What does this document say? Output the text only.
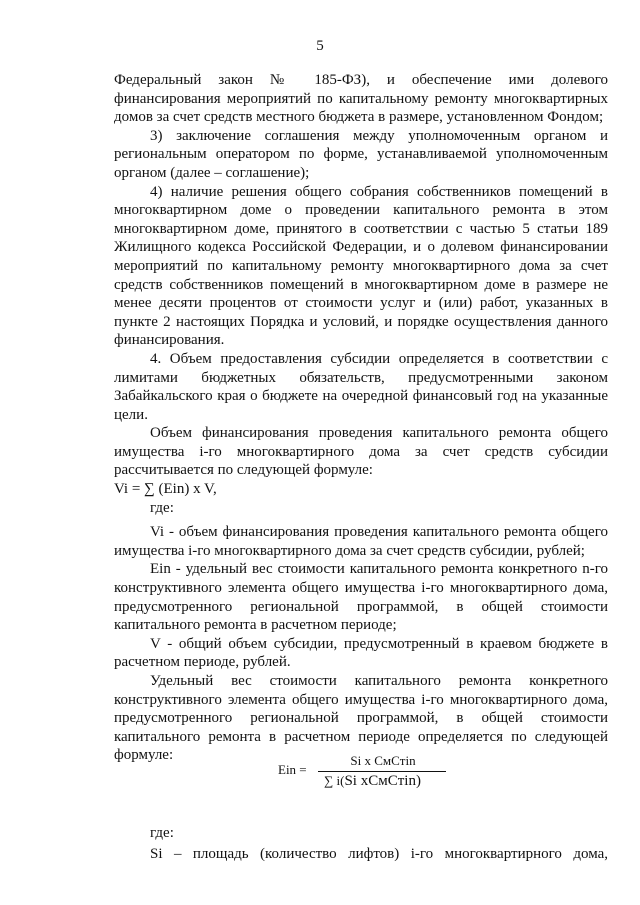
5

Федеральный закон № 185-ФЗ), и обеспечение ими долевого финансирования мероприятий по капитальному ремонту многоквартирных домов за счет средств местного бюджета в размере, установленном Фондом;

3) заключение соглашения между уполномоченным органом и региональным оператором по форме, устанавливаемой уполномоченным органом (далее – соглашение);

4) наличие решения общего собрания собственников помещений в многоквартирном доме о проведении капитального ремонта в этом многоквартирном доме, принятого в соответствии с частью 5 статьи 189 Жилищного кодекса Российской Федерации, и о долевом финансировании мероприятий по капитальному ремонту многоквартирного дома за счет средств собственников помещений в многоквартирном доме в размере не менее десяти процентов от стоимости услуг и (или) работ, указанных в пункте 2 настоящих Порядка и условий, и порядке осуществления данного финансирования.

4. Объем предоставления субсидии определяется в соответствии с лимитами бюджетных обязательств, предусмотренными законом Забайкальского края о бюджете на очередной финансовый год на указанные цели.

Объем финансирования проведения капитального ремонта общего имущества i-го многоквартирного дома за счет средств субсидии рассчитывается по следующей формуле:

Vi = ∑ (Ein) x V,

где:

Vi - объем финансирования проведения капитального ремонта общего имущества i-го многоквартирного дома за счет средств субсидии, рублей;

Ein - удельный вес стоимости капитального ремонта конкретного n-го конструктивного элемента общего имущества i-го многоквартирного дома, предусмотренного региональной программой, в общей стоимости капитального ремонта в расчетном периоде;

V - общий объем субсидии, предусмотренный в краевом бюджете в расчетном периоде, рублей.

Удельный вес стоимости капитального ремонта конкретного конструктивного элемента общего имущества i-го многоквартирного дома, предусмотренного региональной программой, в общей стоимости капитального ремонта в расчетном периоде определяется по следующей формуле:

Ein =
Si x СмCтin
∑ i(Si xСмCтin)
где:
Si – площадь (количество лифтов) i-го многоквартирного дома,
